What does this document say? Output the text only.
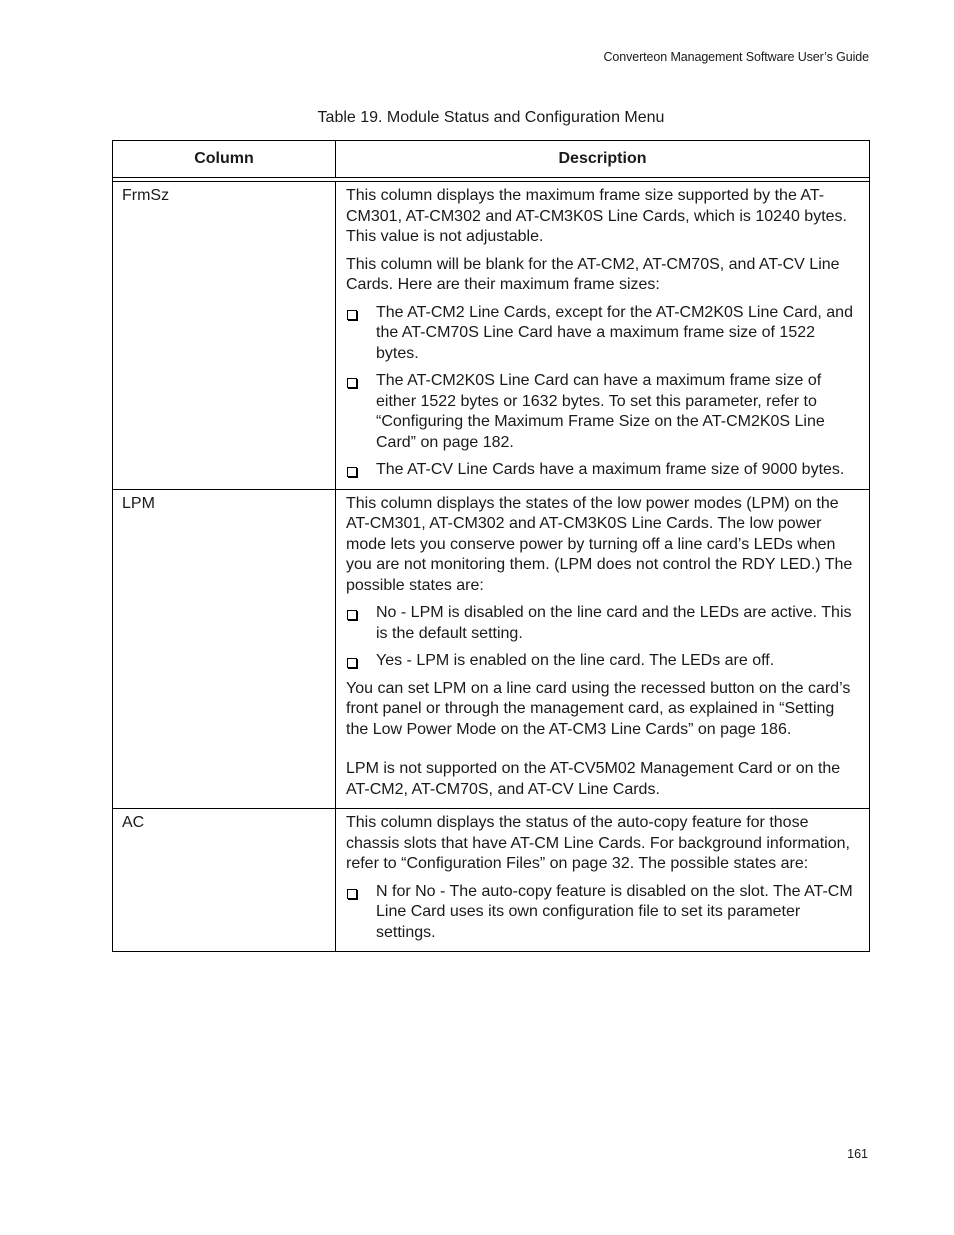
Converteon Management Software User’s Guide
Table 19. Module Status and Configuration Menu
Column	Description
FrmSz	This column displays the maximum frame size supported by the AT-CM301, AT-CM302 and AT-CM3K0S Line Cards, which is 10240 bytes. This value is not adjustable.

This column will be blank for the AT-CM2, AT-CM70S, and AT-CV Line Cards. Here are their maximum frame sizes:

The AT-CM2 Line Cards, except for the AT-CM2K0S Line Card, and the AT-CM70S Line Card have a maximum frame size of 1522 bytes.
The AT-CM2K0S Line Card can have a maximum frame size of either 1522 bytes or 1632 bytes. To set this parameter, refer to “Configuring the Maximum Frame Size on the AT-CM2K0S Line Card” on page 182.
The AT-CV Line Cards have a maximum frame size of 9000 bytes.
LPM	This column displays the states of the low power modes (LPM) on the AT-CM301, AT-CM302 and AT-CM3K0S Line Cards. The low power mode lets you conserve power by turning off a line card’s LEDs when you are not monitoring them. (LPM does not control the RDY LED.) The possible states are:

No - LPM is disabled on the line card and the LEDs are active. This is the default setting.
Yes - LPM is enabled on the line card. The LEDs are off.

You can set LPM on a line card using the recessed button on the card’s front panel or through the management card, as explained in “Setting the Low Power Mode on the AT-CM3 Line Cards” on page 186.

LPM is not supported on the AT-CV5M02 Management Card or on the AT-CM2, AT-CM70S, and AT-CV Line Cards.

AC	This column displays the status of the auto-copy feature for those chassis slots that have AT-CM Line Cards. For background information, refer to “Configuration Files” on page 32. The possible states are:

N for No - The auto-copy feature is disabled on the slot. The AT-CM Line Card uses its own configuration file to set its parameter settings.
161
